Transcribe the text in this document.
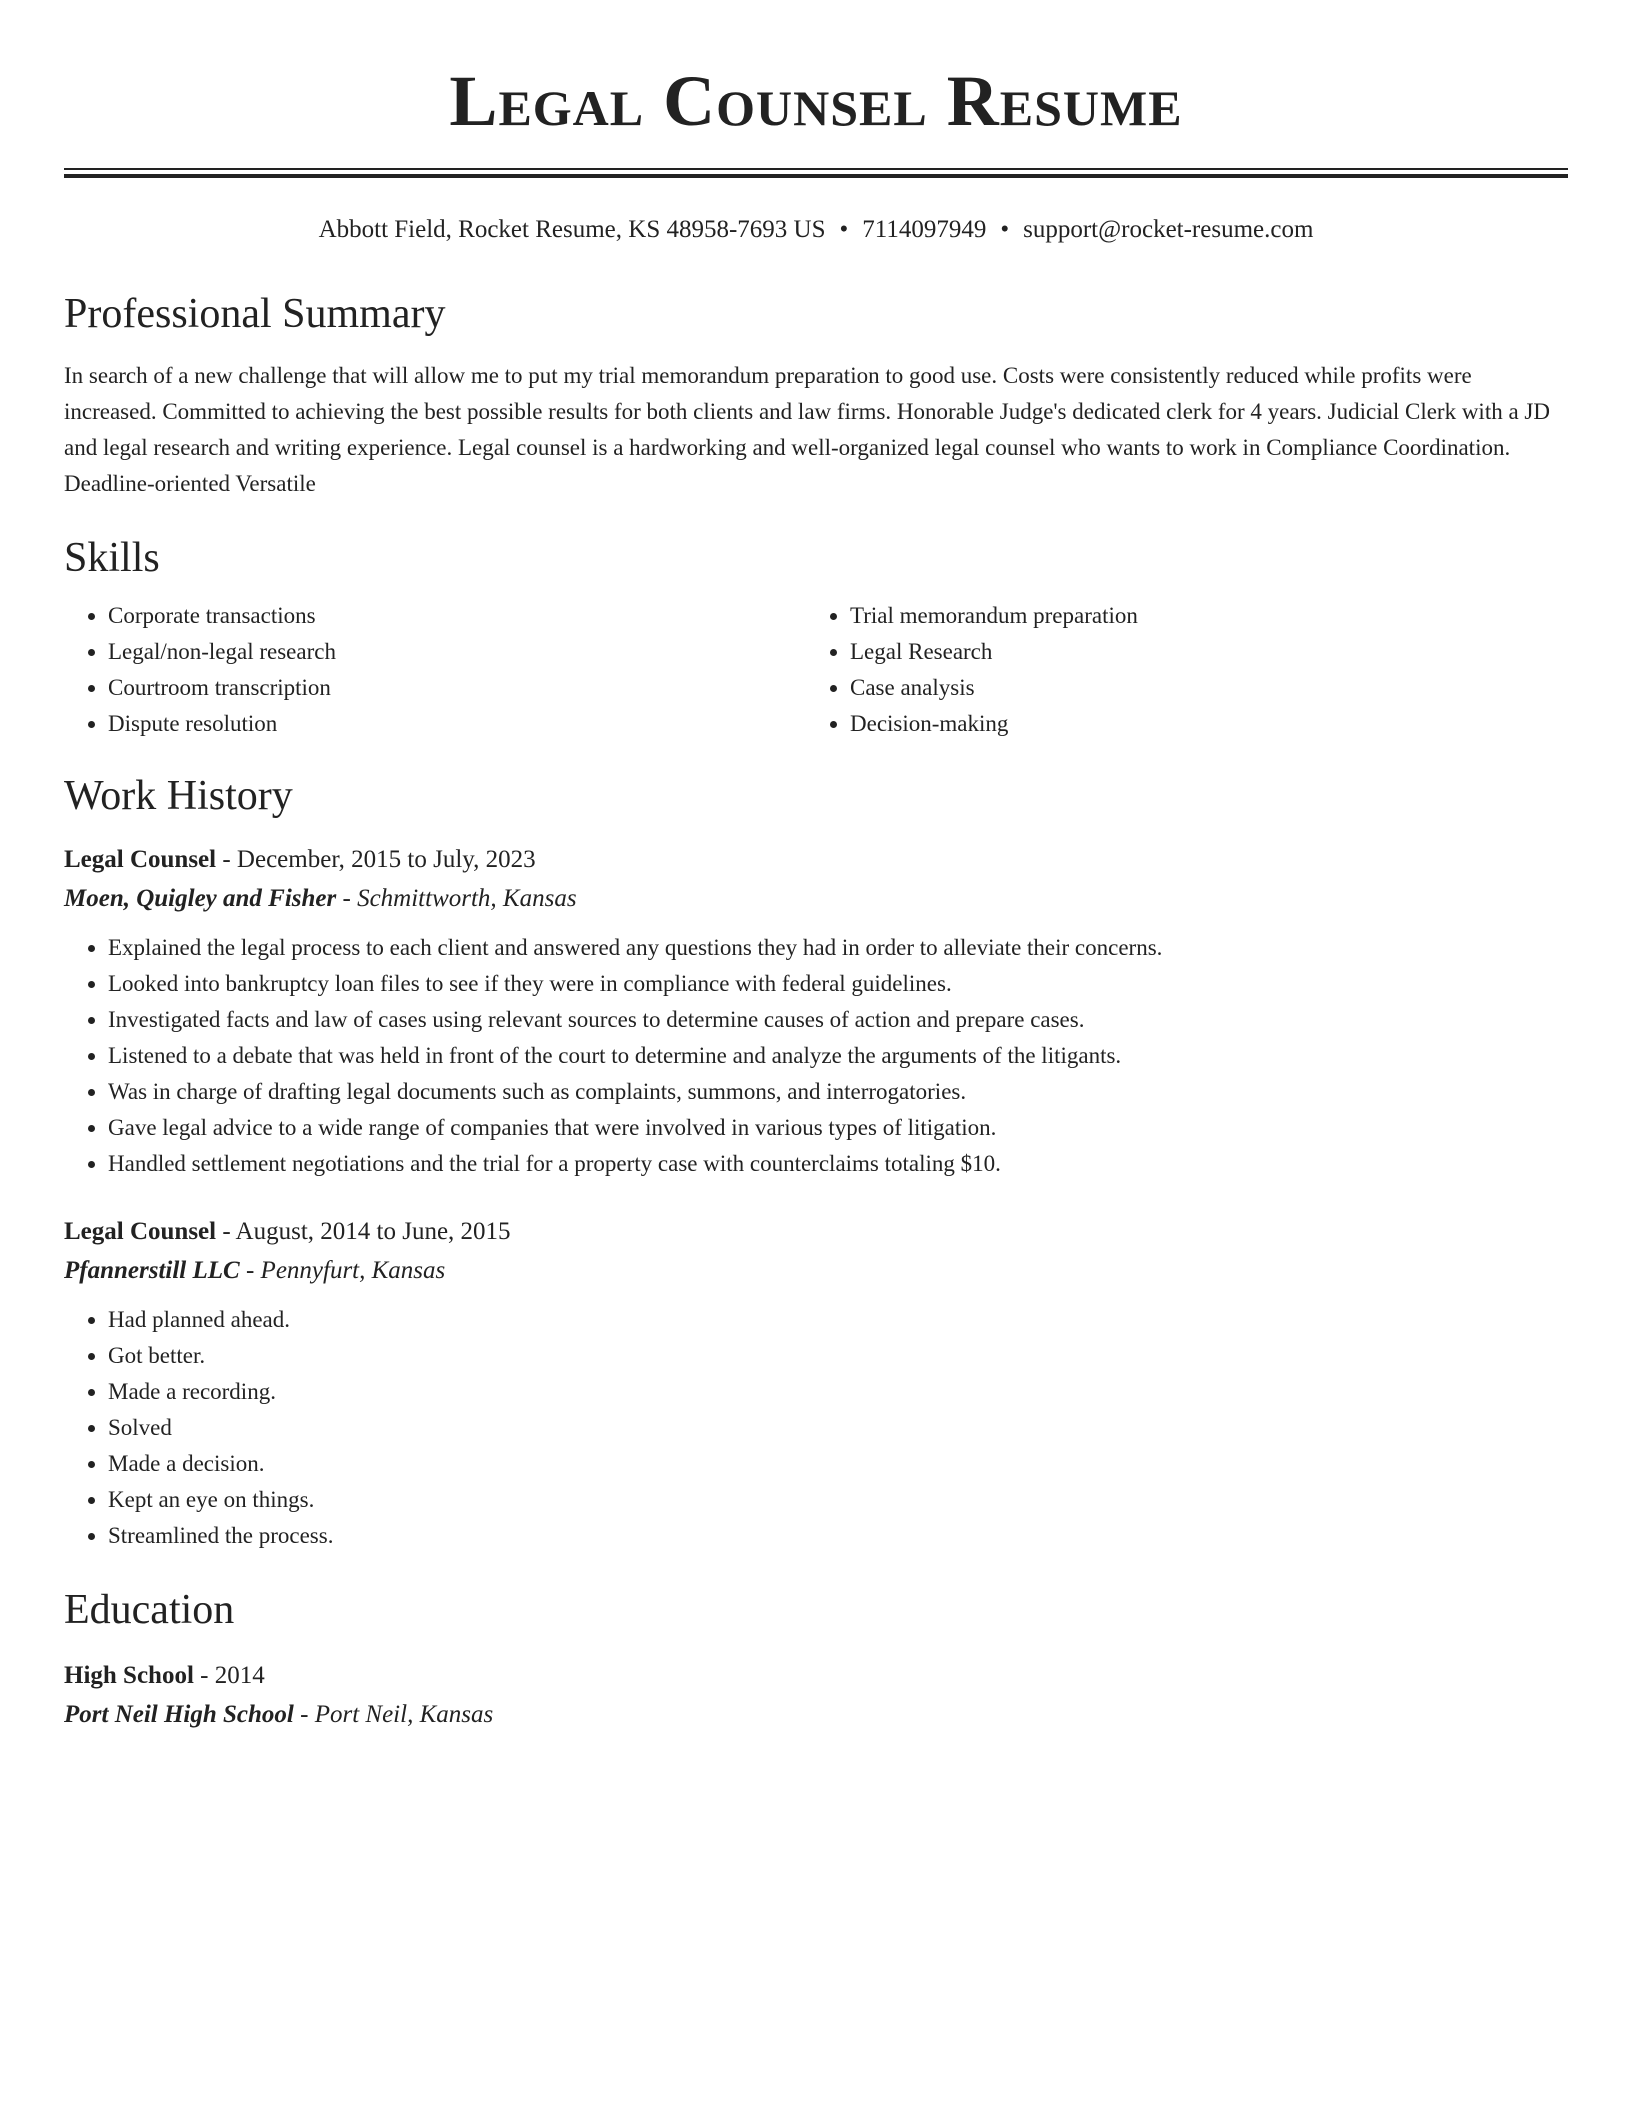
Legal Counsel Resume
Abbott Field, Rocket Resume, KS 48958-7693 US • 7114097949 • support@rocket-resume.com
Professional Summary

In search of a new challenge that will allow me to put my trial memorandum preparation to good use. Costs were consistently reduced while profits were increased. Committed to achieving the best possible results for both clients and law firms. Honorable Judge's dedicated clerk for 4 years. Judicial Clerk with a JD and legal research and writing experience. Legal counsel is a hardworking and well-organized legal counsel who wants to work in Compliance Coordination. Deadline-oriented Versatile

Skills
• Corporate transactions
• Legal/non-legal research
• Courtroom transcription
• Dispute resolution
• Trial memorandum preparation
• Legal Research
• Case analysis
• Decision-making
Work History
Legal Counsel - December, 2015 to July, 2023
Moen, Quigley and Fisher - Schmittworth, Kansas
• Explained the legal process to each client and answered any questions they had in order to alleviate their concerns.
• Looked into bankruptcy loan files to see if they were in compliance with federal guidelines.
• Investigated facts and law of cases using relevant sources to determine causes of action and prepare cases.
• Listened to a debate that was held in front of the court to determine and analyze the arguments of the litigants.
• Was in charge of drafting legal documents such as complaints, summons, and interrogatories.
• Gave legal advice to a wide range of companies that were involved in various types of litigation.
• Handled settlement negotiations and the trial for a property case with counterclaims totaling $10.
Legal Counsel - August, 2014 to June, 2015
Pfannerstill LLC - Pennyfurt, Kansas
• Had planned ahead.
• Got better.
• Made a recording.
• Solved
• Made a decision.
• Kept an eye on things.
• Streamlined the process.
Education
High School - 2014
Port Neil High School - Port Neil, Kansas
